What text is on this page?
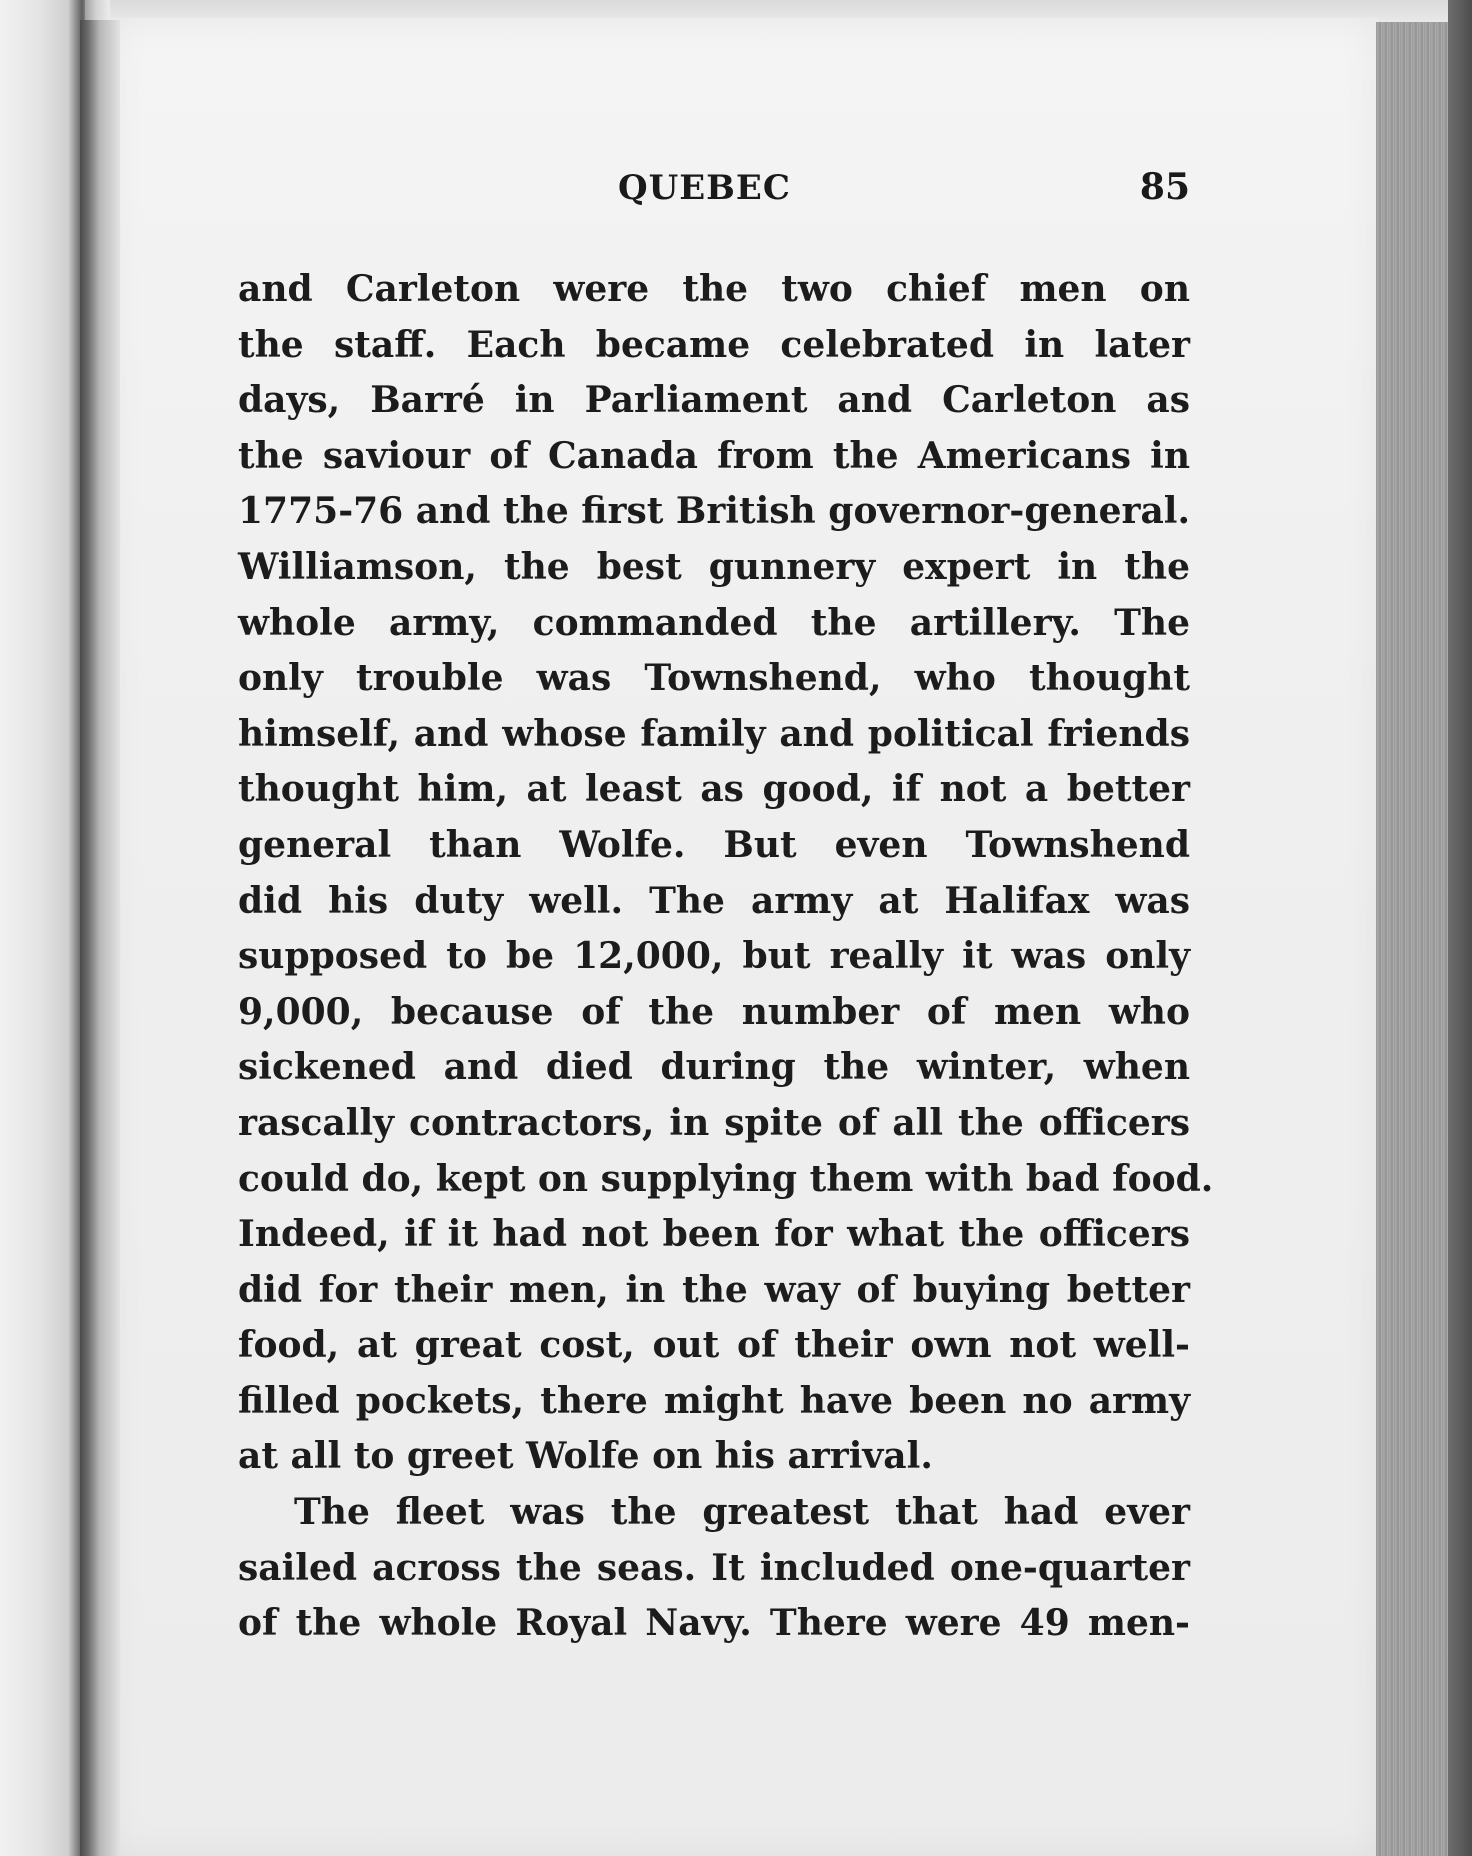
QUEBEC	85
and Carleton were the two chief men on
the staff. Each became celebrated in later
days, Barré in Parliament and Carleton as
the saviour of Canada from the Americans in
1775-76 and the first British governor-general.
Williamson, the best gunnery expert in the
whole army, commanded the artillery. The
only trouble was Townshend, who thought
himself, and whose family and political friends
thought him, at least as good, if not a better
general than Wolfe. But even Townshend
did his duty well. The army at Halifax was
supposed to be 12,000, but really it was only
9,000, because of the number of men who
sickened and died during the winter, when
rascally contractors, in spite of all the officers
could do, kept on supplying them with bad food.
Indeed, if it had not been for what the officers
did for their men, in the way of buying better
food, at great cost, out of their own not well-
filled pockets, there might have been no army
at all to greet Wolfe on his arrival.
The fleet was the greatest that had ever
sailed across the seas. It included one-quarter
of the whole Royal Navy. There were 49 men-
